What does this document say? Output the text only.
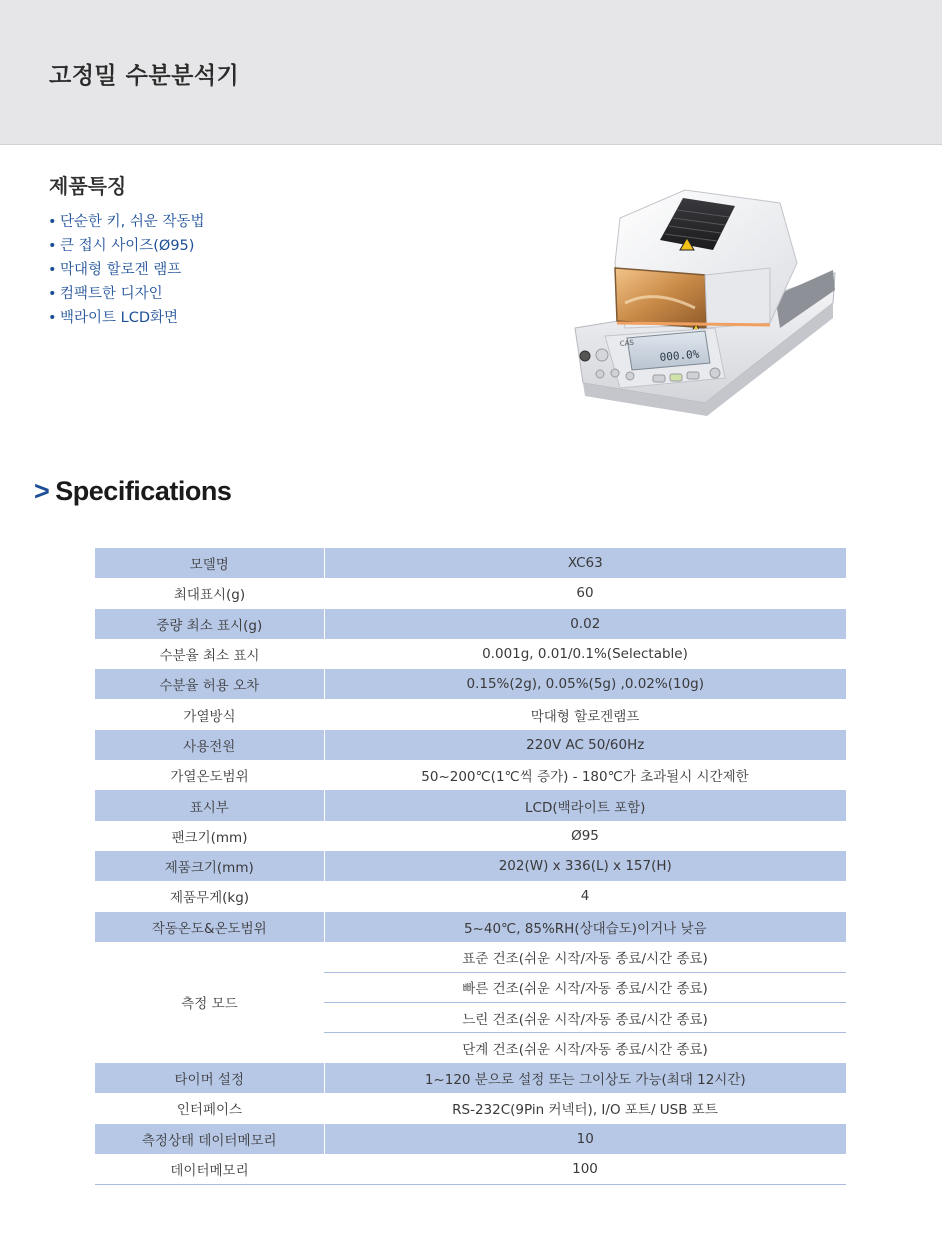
고정밀 수분분석기
제품특징
• 단순한 키, 쉬운 작동법
• 큰 접시 사이즈(Ø95)
• 막대형 할로겐 램프
• 컴팩트한 디자인
• 백라이트 LCD화면
000.0%
CAS
> Specifications
모델명	XC63
최대표시(g)	60
중량 최소 표시(g)	0.02
수분율 최소 표시	0.001g, 0.01/0.1%(Selectable)
수분율 허용 오차	0.15%(2g), 0.05%(5g) ,0.02%(10g)
가열방식	막대형 할로겐램프
사용전원	220V AC 50/60Hz
가열온도범위	50~200℃(1℃씩 증가) - 180℃가 초과될시 시간제한
표시부	LCD(백라이트 포함)
팬크기(mm)	Ø95
제품크기(mm)	202(W) x 336(L) x 157(H)
제품무게(kg)	4
작동온도&온도범위	5~40℃, 85%RH(상대습도)이거나 낮음
측정 모드	표준 건조(쉬운 시작/자동 종료/시간 종료)
	빠른 건조(쉬운 시작/자동 종료/시간 종료)
	느린 건조(쉬운 시작/자동 종료/시간 종료)
	단계 건조(쉬운 시작/자동 종료/시간 종료)
타이머 설정	1~120 분으로 설정 또는 그이상도 가능(최대 12시간)
인터페이스	RS-232C(9Pin 커넥터), I/O 포트/ USB 포트
측정상태 데이터메모리	10
데이터메모리	100
